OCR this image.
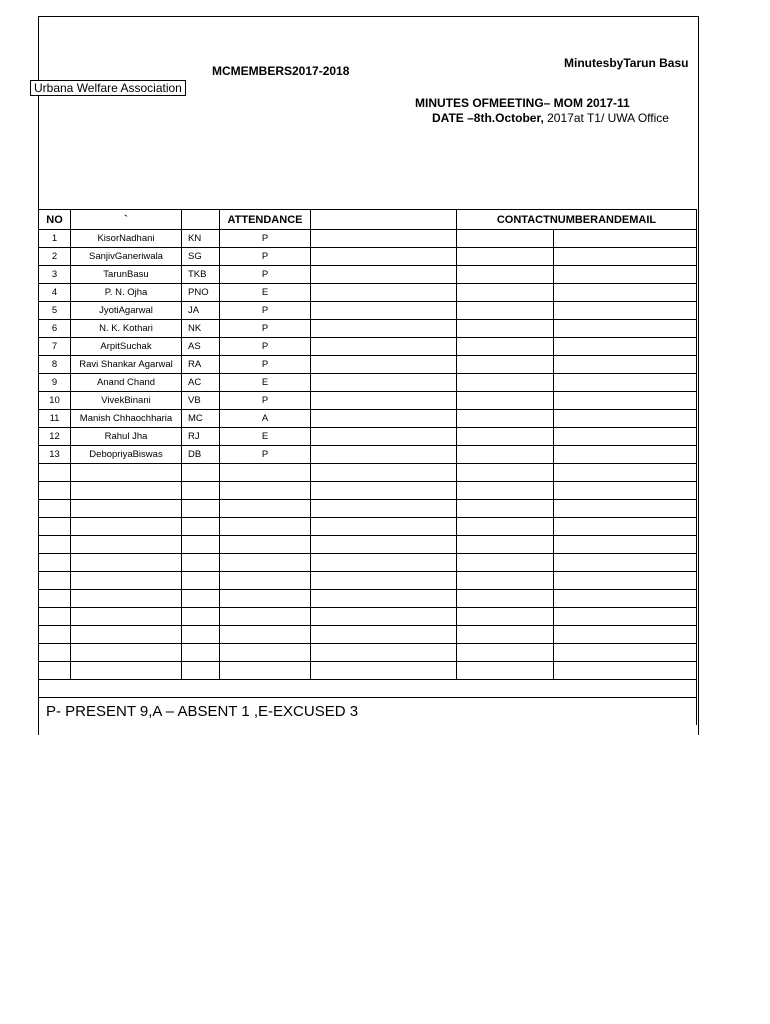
MCMEMBERS2017-2018
MinutesbyTarun Basu
Urbana Welfare Association
MINUTES OFMEETING– MOM 2017-11
DATE –8th.October, 2017at T1/ UWA Office
NO	`		ATTENDANCE		CONTACTNUMBERANDEMAIL	
1	KisorNadhani	KN	P			
2	SanjivGaneriwala	SG	P			
3	TarunBasu	TKB	P			
4	P. N. Ojha	PNO	E			
5	JyotiAgarwal	JA	P			
6	N. K. Kothari	NK	P			
7	ArpitSuchak	AS	P			
8	Ravi Shankar Agarwal	RA	P			
9	Anand Chand	AC	E			
10	VivekBinani	VB	P			
11	Manish Chhaochharia	MC	A			
12	Rahul Jha	RJ	E			
13	DebopriyaBiswas	DB	P			

P- PRESENT 9,A – ABSENT 1 ,E-EXCUSED 3						
